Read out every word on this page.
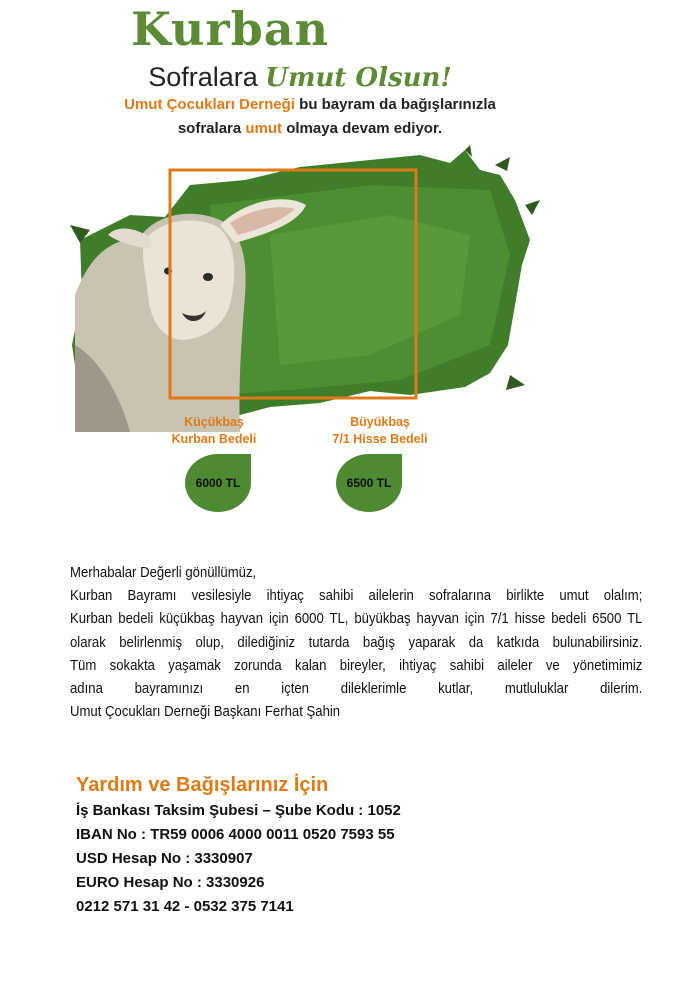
Kurban
Sofralara Umut Olsun!
Umut Çocukları Derneği bu bayram da bağışlarınızla
sofralara umut olmaya devam ediyor.
Küçükbaş
Kurban Bedeli
Büyükbaş
7/1 Hisse Bedeli
6000 TL	6500 TL

Merhabalar Değerli gönüllümüz,

Kurban Bayramı vesilesiyle ihtiyaç sahibi ailelerin sofralarına birlikte umut olalım;

Kurban bedeli küçükbaş hayvan için 6000 TL, büyükbaş hayvan için 7/1 hisse bedeli 6500 TL

olarak belirlenmiş olup, dilediğiniz tutarda bağış yaparak da katkıda bulunabilirsiniz.

Tüm sokakta yaşamak zorunda kalan bireyler, ihtiyaç sahibi aileler ve yönetimimiz

adına bayramınızı en içten dileklerimle kutlar, mutluluklar dilerim.

Umut Çocukları Derneği Başkanı Ferhat Şahin

Yardım ve Bağışlarınız İçin
İş Bankası Taksim Şubesi – Şube Kodu : 1052
IBAN No : TR59 0006 4000 0011 0520 7593 55
USD Hesap No : 3330907
EURO Hesap No : 3330926
0212 571 31 42 - 0532 375 7141
